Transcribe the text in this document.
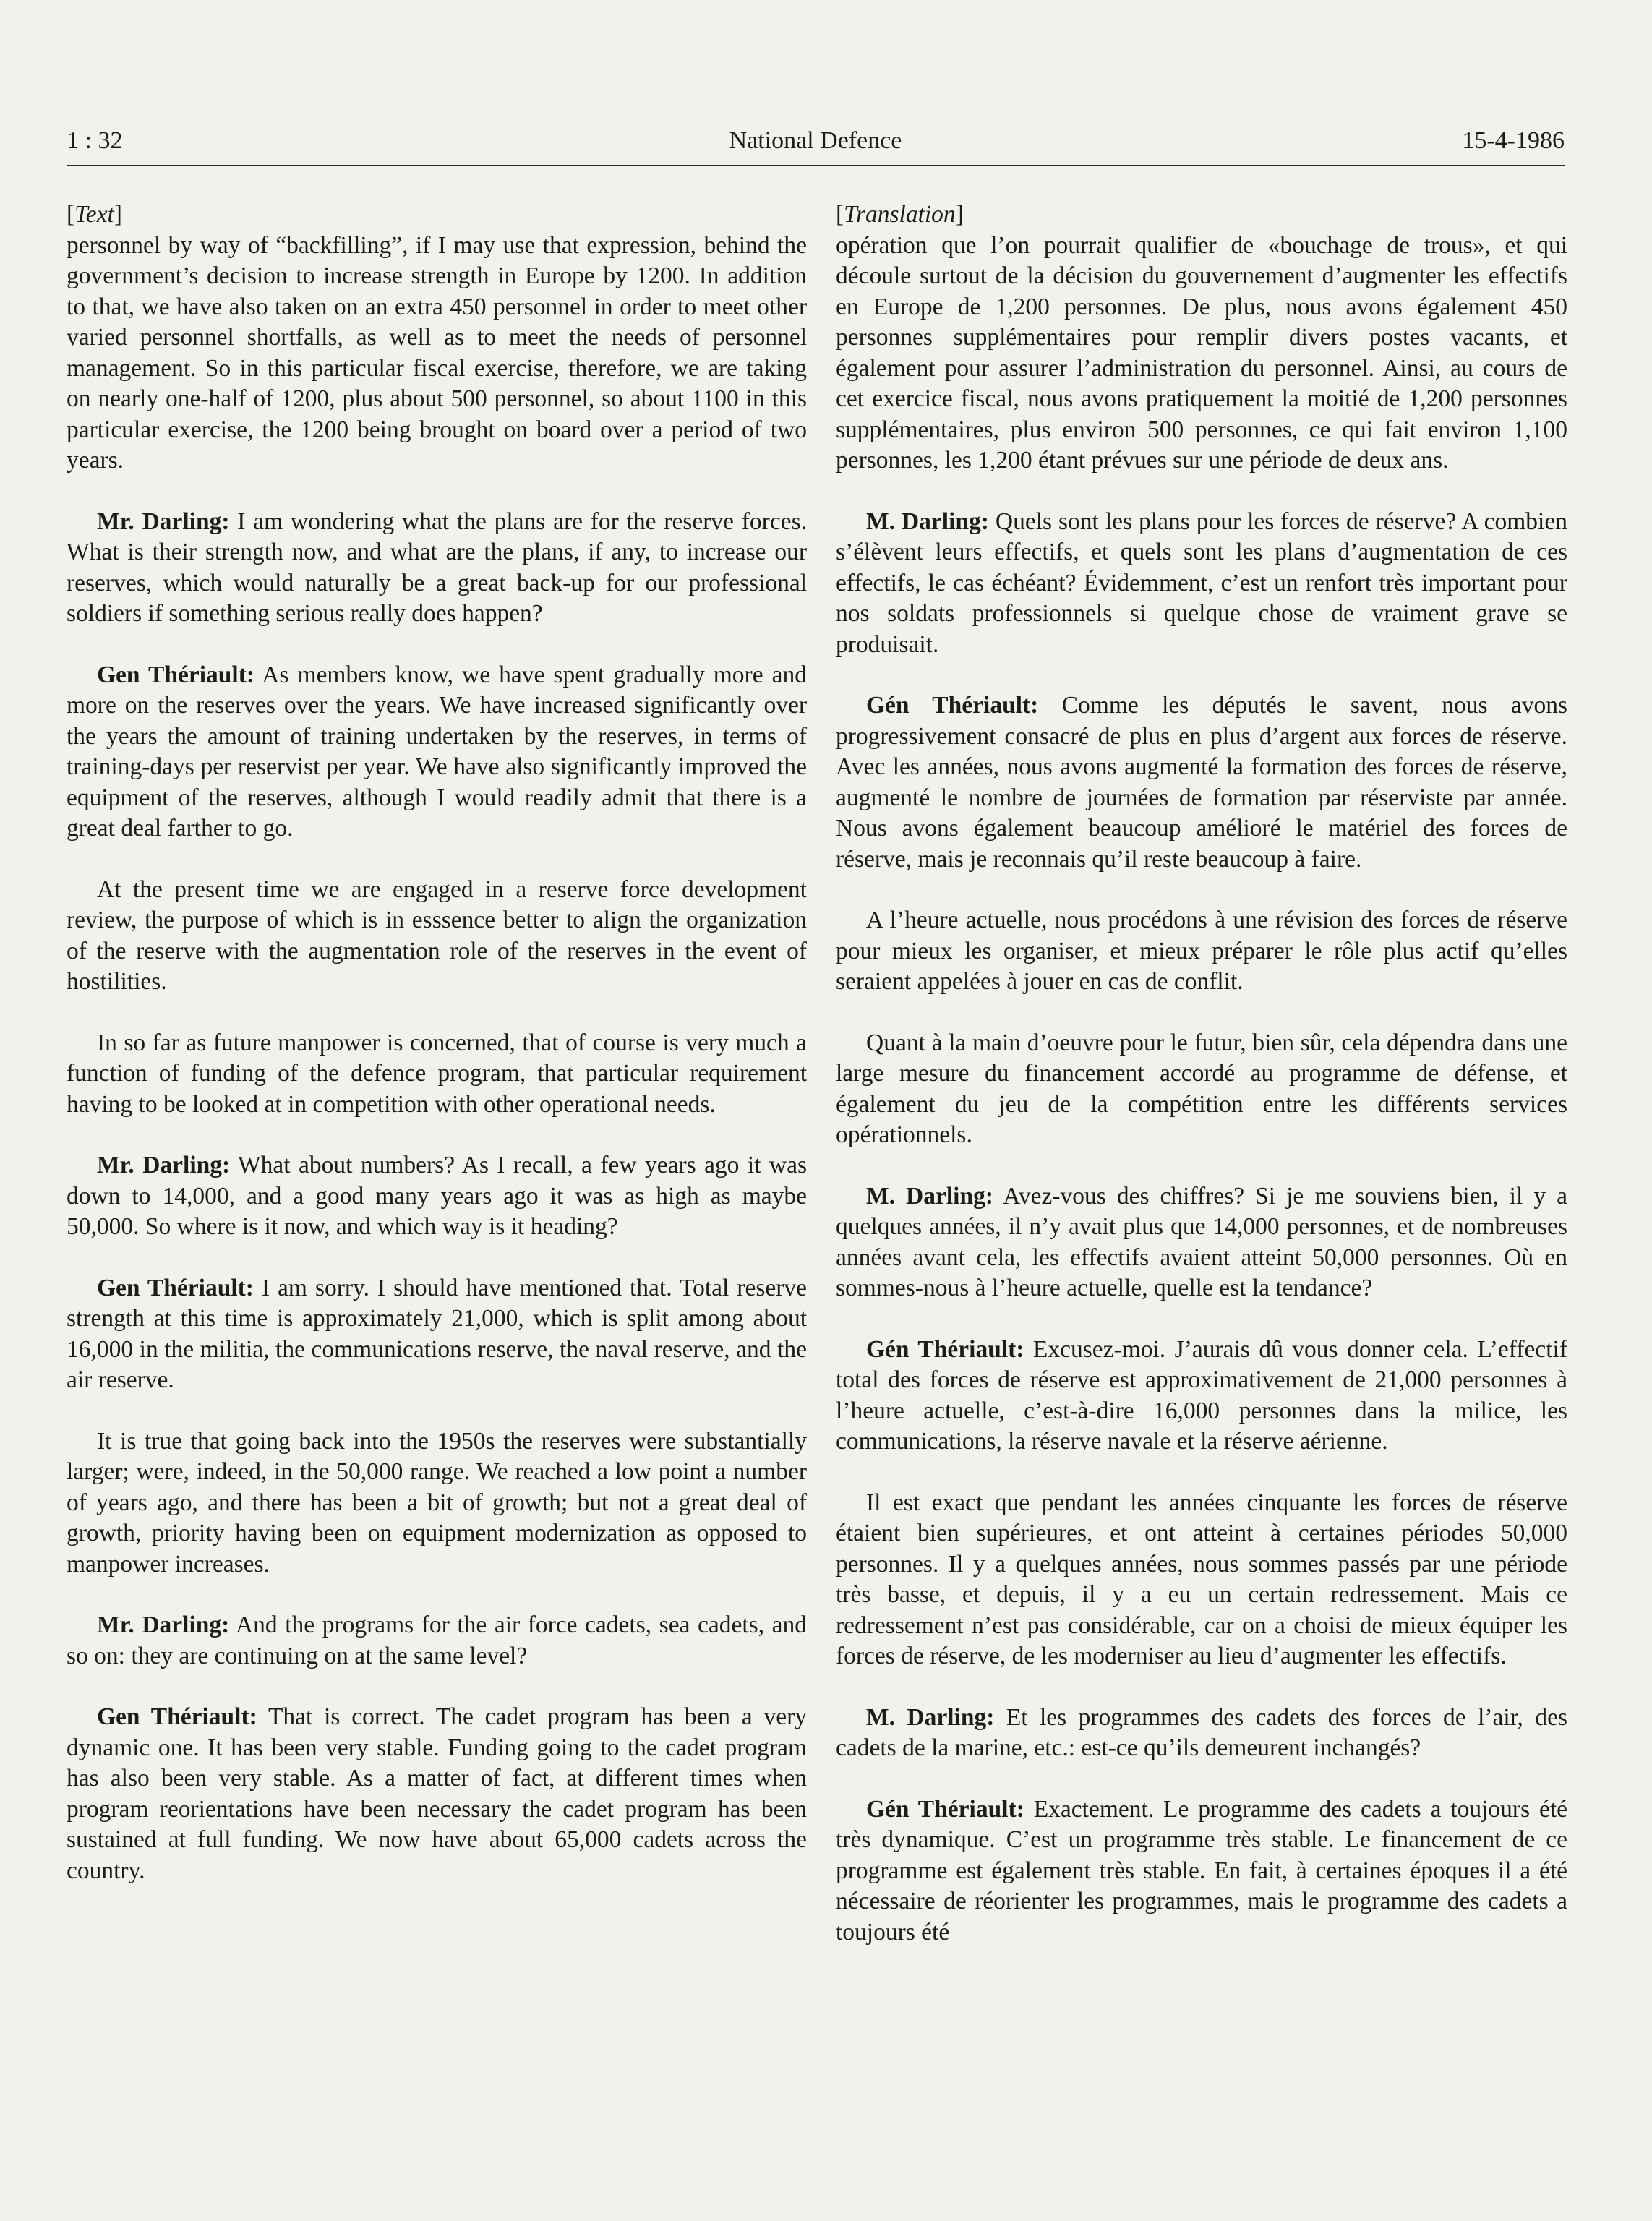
1 : 32	National Defence	15-4-1986

[Text]

personnel by way of “backfilling”, if I may use that expression, behind the government’s decision to increase strength in Europe by 1200. In addition to that, we have also taken on an extra 450 personnel in order to meet other varied personnel shortfalls, as well as to meet the needs of personnel management. So in this particular fiscal exercise, therefore, we are taking on nearly one-half of 1200, plus about 500 personnel, so about 1100 in this particular exercise, the 1200 being brought on board over a period of two years.

Mr. Darling: I am wondering what the plans are for the reserve forces. What is their strength now, and what are the plans, if any, to increase our reserves, which would naturally be a great back-up for our professional soldiers if something serious really does happen?

Gen Thériault: As members know, we have spent gradually more and more on the reserves over the years. We have increased significantly over the years the amount of training undertaken by the reserves, in terms of training-days per reservist per year. We have also significantly improved the equipment of the reserves, although I would readily admit that there is a great deal farther to go.

At the present time we are engaged in a reserve force development review, the purpose of which is in esssence better to align the organization of the reserve with the augmentation role of the reserves in the event of hostilities.

In so far as future manpower is concerned, that of course is very much a function of funding of the defence program, that particular requirement having to be looked at in competition with other operational needs.

Mr. Darling: What about numbers? As I recall, a few years ago it was down to 14,000, and a good many years ago it was as high as maybe 50,000. So where is it now, and which way is it heading?

Gen Thériault: I am sorry. I should have mentioned that. Total reserve strength at this time is approximately 21,000, which is split among about 16,000 in the militia, the communications reserve, the naval reserve, and the air reserve.

It is true that going back into the 1950s the reserves were substantially larger; were, indeed, in the 50,000 range. We reached a low point a number of years ago, and there has been a bit of growth; but not a great deal of growth, priority having been on equipment modernization as opposed to manpower increases.

Mr. Darling: And the programs for the air force cadets, sea cadets, and so on: they are continuing on at the same level?

Gen Thériault: That is correct. The cadet program has been a very dynamic one. It has been very stable. Funding going to the cadet program has also been very stable. As a matter of fact, at different times when program reorientations have been necessary the cadet program has been sustained at full funding. We now have about 65,000 cadets across the country.

[Translation]

opération que l’on pourrait qualifier de «bouchage de trous», et qui découle surtout de la décision du gouvernement d’augmenter les effectifs en Europe de 1,200 personnes. De plus, nous avons également 450 personnes supplémentaires pour remplir divers postes vacants, et également pour assurer l’administration du personnel. Ainsi, au cours de cet exercice fiscal, nous avons pratiquement la moitié de 1,200 personnes supplémentaires, plus environ 500 personnes, ce qui fait environ 1,100 personnes, les 1,200 étant prévues sur une période de deux ans.

M. Darling: Quels sont les plans pour les forces de réserve? A combien s’élèvent leurs effectifs, et quels sont les plans d’augmentation de ces effectifs, le cas échéant? Évidemment, c’est un renfort très important pour nos soldats professionnels si quelque chose de vraiment grave se produisait.

Gén Thériault: Comme les députés le savent, nous avons progressivement consacré de plus en plus d’argent aux forces de réserve. Avec les années, nous avons augmenté la formation des forces de réserve, augmenté le nombre de journées de formation par réserviste par année. Nous avons également beaucoup amélioré le matériel des forces de réserve, mais je reconnais qu’il reste beaucoup à faire.

A l’heure actuelle, nous procédons à une révision des forces de réserve pour mieux les organiser, et mieux préparer le rôle plus actif qu’elles seraient appelées à jouer en cas de conflit.

Quant à la main d’oeuvre pour le futur, bien sûr, cela dépendra dans une large mesure du financement accordé au programme de défense, et également du jeu de la compétition entre les différents services opérationnels.

M. Darling: Avez-vous des chiffres? Si je me souviens bien, il y a quelques années, il n’y avait plus que 14,000 personnes, et de nombreuses années avant cela, les effectifs avaient atteint 50,000 personnes. Où en sommes-nous à l’heure actuelle, quelle est la tendance?

Gén Thériault: Excusez-moi. J’aurais dû vous donner cela. L’effectif total des forces de réserve est approximativement de 21,000 personnes à l’heure actuelle, c’est-à-dire 16,000 personnes dans la milice, les communications, la réserve navale et la réserve aérienne.

Il est exact que pendant les années cinquante les forces de réserve étaient bien supérieures, et ont atteint à certaines périodes 50,000 personnes. Il y a quelques années, nous sommes passés par une période très basse, et depuis, il y a eu un certain redressement. Mais ce redressement n’est pas considérable, car on a choisi de mieux équiper les forces de réserve, de les moderniser au lieu d’augmenter les effectifs.

M. Darling: Et les programmes des cadets des forces de l’air, des cadets de la marine, etc.: est-ce qu’ils demeurent inchangés?

Gén Thériault: Exactement. Le programme des cadets a toujours été très dynamique. C’est un programme très stable. Le financement de ce programme est également très stable. En fait, à certaines époques il a été nécessaire de réorienter les programmes, mais le programme des cadets a toujours été
